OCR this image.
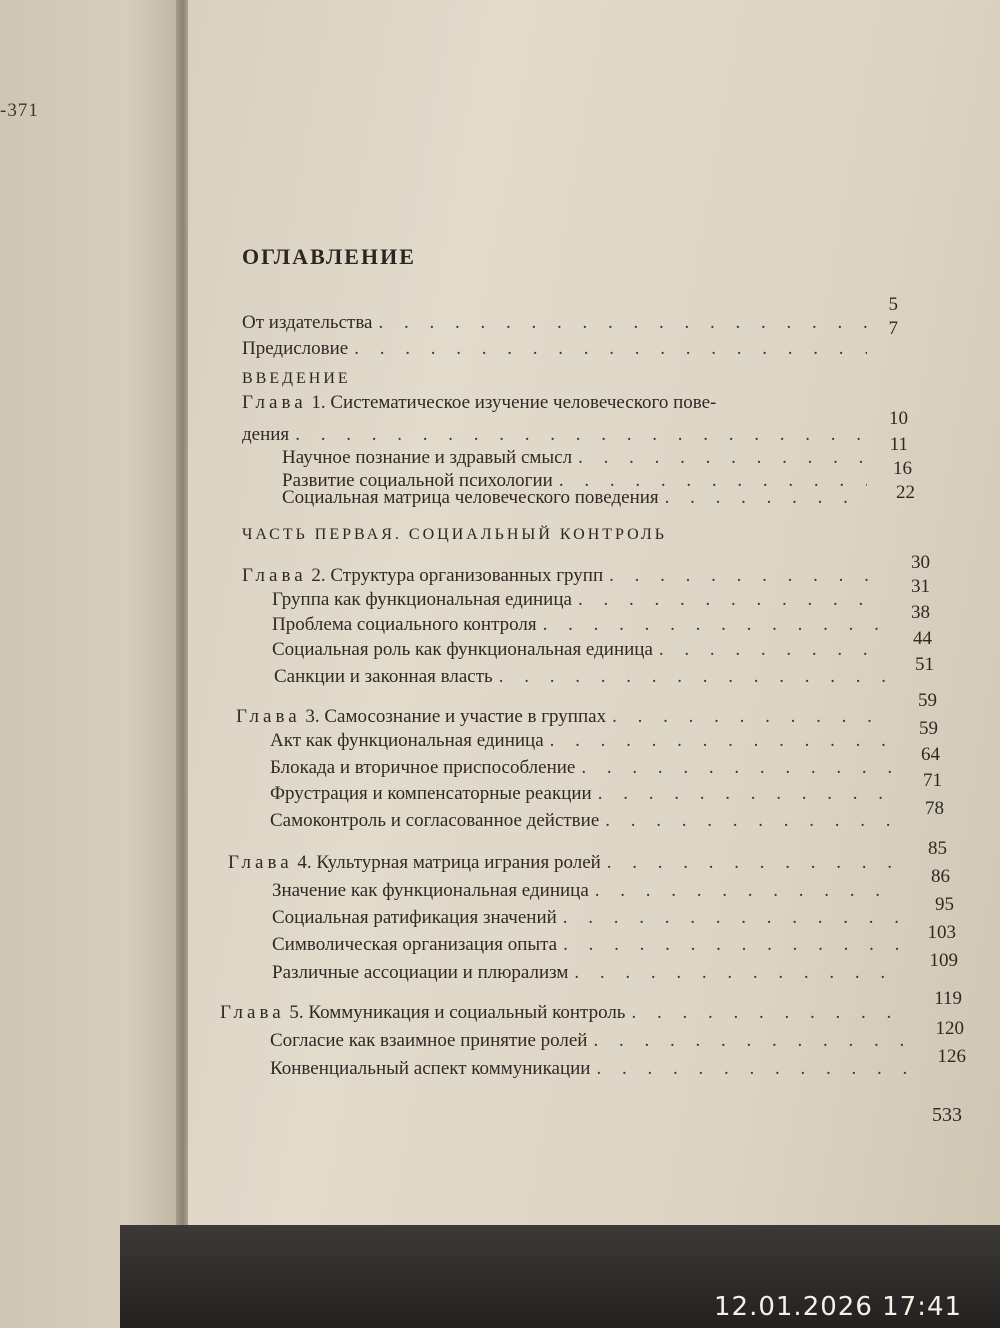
-371
ОГЛАВЛЕНИЕ
От издательства
. . .
5
Предисловие
. . .
7
ВВЕДЕНИЕ
Глава 1. Систематическое изучение человеческого пове-
дения
. . .
10
Научное познание и здравый смысл
. . .
11
Развитие социальной психологии
. . .
16
Социальная матрица человеческого поведения
. . .	22
ЧАСТЬ ПЕРВАЯ. СОЦИАЛЬНЫЙ КОНТРОЛЬ
Глава 2. Структура организованных групп
. . .
30
Группа как функциональная единица
. . .
31
Проблема социального контроля
. . .
38
Социальная роль как функциональная единица
. . .
44
Санкции и законная власть
. . .
51
Глава 3. Самосознание и участие в группах
. . .
59
Акт как функциональная единица
. . .
59
Блокада и вторичное приспособление
. . .
64
Фрустрация и компенсаторные реакции
. . .
71
Самоконтроль и согласованное действие
. . .
78
Глава 4. Культурная матрица играния ролей
. . .
85
Значение как функциональная единица
. . .
86
Социальная ратификация значений
. . .
95
Символическая организация опыта
. . .
103
Различные ассоциации и плюрализм
. . .
109
Глава 5. Коммуникация и социальный контроль
. . .
119
Согласие как взаимное принятие ролей
. . .
120
Конвенциальный аспект коммуникации
. . .
126
533
12.01.2026 17:41
